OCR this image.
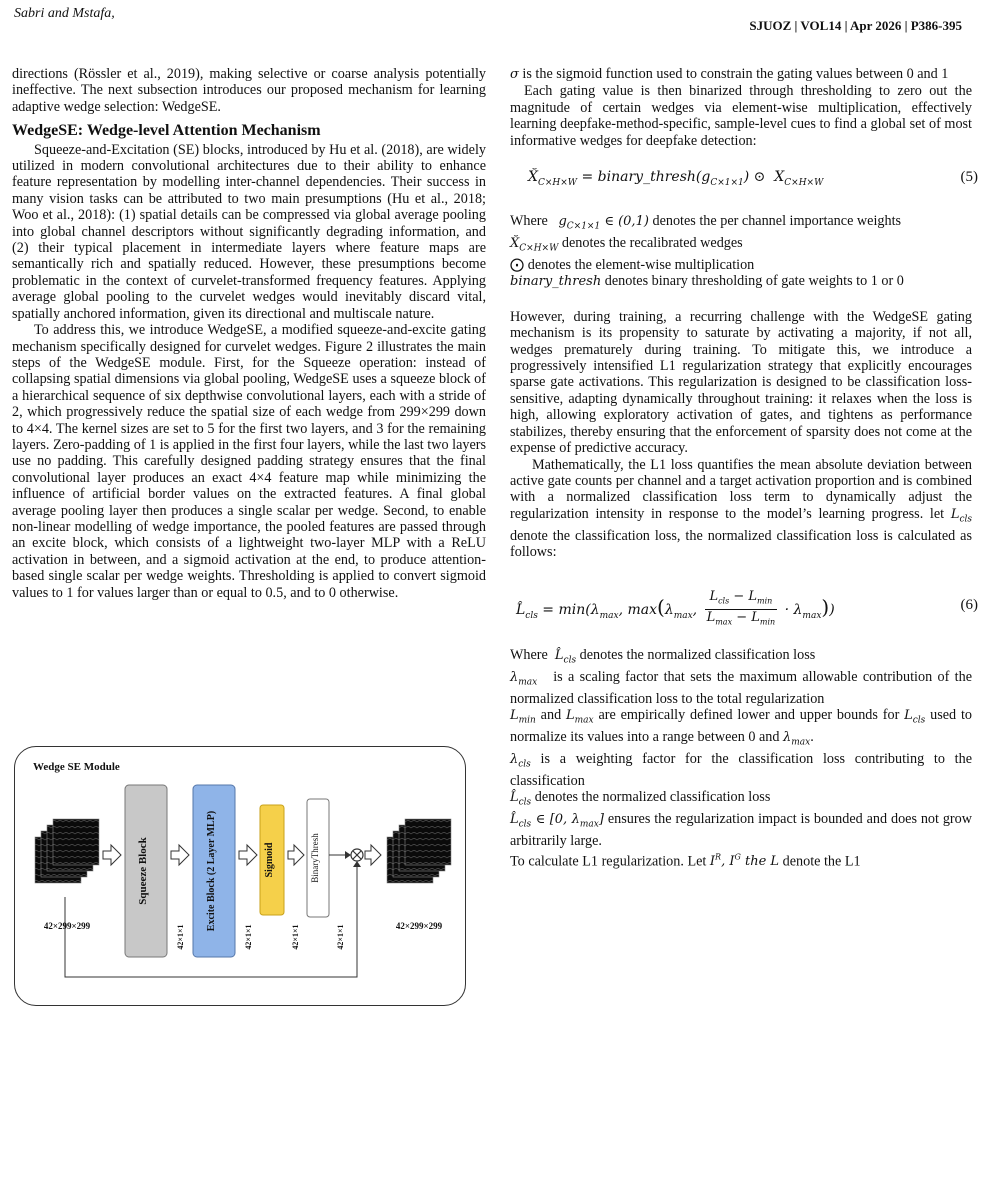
Sabri and Mstafa,
SJUOZ | VOL14 | Apr 2026 | P386-395

directions (Rössler et al., 2019), making selective or coarse analysis potentially ineffective. The next subsection introduces our proposed mechanism for learning adaptive wedge selection: WedgeSE.

WedgeSE: Wedge-level Attention Mechanism

Squeeze-and-Excitation (SE) blocks, introduced by Hu et al. (2018), are widely utilized in modern convolutional architectures due to their ability to enhance feature representation by modelling inter-channel dependencies. Their success in many vision tasks can be attributed to two main presumptions (Hu et al., 2018; Woo et al., 2018): (1) spatial details can be compressed via global average pooling into global channel descriptors without significantly degrading information, and (2) their typical placement in intermediate layers where feature maps are semantically rich and spatially reduced. However, these presumptions become problematic in the context of curvelet-transformed frequency features. Applying average global pooling to the curvelet wedges would inevitably discard vital, spatially anchored information, given its directional and multiscale nature.

To address this, we introduce WedgeSE, a modified squeeze-and-excite gating mechanism specifically designed for curvelet wedges. Figure 2 illustrates the main steps of the WedgeSE module. First, for the Squeeze operation: instead of collapsing spatial dimensions via global pooling, WedgeSE uses a squeeze block of a hierarchical sequence of six depthwise convolutional layers, each with a stride of 2, which progressively reduce the spatial size of each wedge from 299×299 down to 4×4. The kernel sizes are set to 5 for the first two layers, and 3 for the remaining layers. Zero-padding of 1 is applied in the first four layers, while the last two layers use no padding. This carefully designed padding strategy ensures that the final convolutional layer produces an exact 4×4 feature map while minimizing the influence of artificial border values on the extracted features. A final global average pooling layer then produces a single scalar per wedge. Second, to enable non-linear modelling of wedge importance, the pooled features are passed through an excite block, which consists of a lightweight two-layer MLP with a ReLU activation in between, and a sigmoid activation at the end, to produce attention-based single scalar per wedge weights. Thresholding is applied to convert sigmoid values to 1 for values larger than or equal to 0.5, and to 0 otherwise.

Wedge SE Module
Squeeze Block	Excite Block (2 Layer MLP)	Sigmoid	BinaryThresh
42×299×299	42×1×1	42×1×1	42×1×1	42×1×1	42×299×299

σ is the sigmoid function used to constrain the gating values between 0 and 1

Each gating value is then binarized through thresholding to zero out the magnitude of certain wedges via element-wise multiplication, effectively learning deepfake-method-specific, sample-level cues to find a global set of most informative wedges for deepfake detection:

$X̆_{C\times H\times W}$ = $binary\_thresh(g_{C\times 1\times 1})$ ⊙  $X_{C\times H\times W}$	(5)

Where $g_{C\times 1\times 1}$ ∈ (0,1) denotes the per channel importance weights

$X̆_{C\times H\times W}$ denotes the recalibrated wedges

⨀ denotes the element-wise multiplication

binary_thresh denotes binary thresholding of gate weights to 1 or 0

However, during training, a recurring challenge with the WedgeSE gating mechanism is its propensity to saturate by activating a majority, if not all, wedges prematurely during training. To mitigate this, we introduce a progressively intensified L1 regularization strategy that explicitly encourages sparse gate activations. This regularization is designed to be classification loss-sensitive, adapting dynamically throughout training: it relaxes when the loss is high, allowing exploratory activation of gates, and tightens as performance stabilizes, thereby ensuring that the enforcement of sparsity does not come at the expense of predictive accuracy.

Mathematically, the L1 loss quantifies the mean absolute deviation between active gate counts per channel and a target activation proportion and is combined with a normalized classification loss term to dynamically adjust the regularization intensity in response to the model’s learning progress. let $L_{cls}$ denote the classification loss, the normalized classification loss is calculated as follows:

$L̂_{cls} = \min(\lambda_{max}$, $\max(\lambda_{max}$, $\frac{L_{cls} - L_{min}}{L_{max} - L_{min}} \cdot \lambda_{max}$))	(6)

Where $L̂_{cls}$ denotes the normalized classification loss

$\lambda_{max}$   is a scaling factor that sets the maximum allowable contribution of the normalized classification loss to the total regularization

$L_{min}$ and $L_{max}$ are empirically defined lower and upper bounds for $L_{cls}$ used to normalize its values into a range between 0 and $\lambda_{max}$.

$\lambda_{cls}$ is a weighting factor for the classification loss contributing to the classification

$L̂_{cls}$ denotes the normalized classification loss

$L̂_{cls}$ ∈ [0, $\lambda_{max}$] ensures the regularization impact is bounded and does not grow arbitrarily large.

To calculate L1 regularization. Let $I^R$, $I^G$ the L denote the L1
